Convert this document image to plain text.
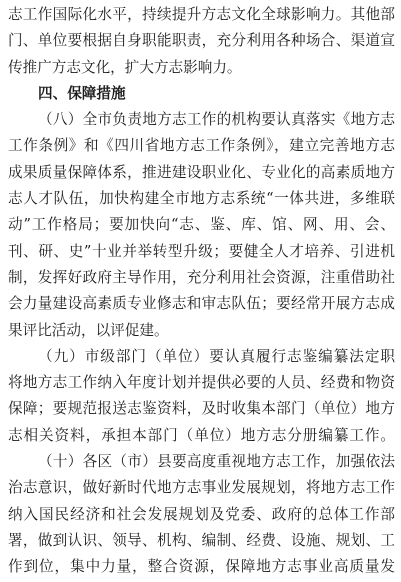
志工作国际化水平，持续提升方志文化全球影响力。其他部
门、单位要根据自身职能职责，充分利用各种场合、渠道宣
传推广方志文化，扩大方志影响力。
四、保障措施
（八）全市负责地方志工作的机构要认真落实《地方志
工作条例》和《四川省地方志工作条例》，建立完善地方志
成果质量保障体系，推进建设职业化、专业化的高素质地方
志人才队伍，加快构建全市地方志系统“一体共进，多维联
动”工作格局；要加快向“志、鉴、库、馆、网、用、会、
刊、研、史”十业并举转型升级；要健全人才培养、引进机
制，发挥好政府主导作用，充分利用社会资源，注重借助社
会力量建设高素质专业修志和审志队伍；要经常开展方志成
果评比活动，以评促建。
（九）市级部门（单位）要认真履行志鉴编纂法定职
将地方志工作纳入年度计划并提供必要的人员、经费和物资
保障；要规范报送志鉴资料，及时收集本部门（单位）地方
志相关资料，承担本部门（单位）地方志分册编纂工作。
（十）各区（市）县要高度重视地方志工作，加强依法
治志意识，做好新时代地方志事业发展规划，将地方志工作
纳入国民经济和社会发展规划及党委、政府的总体工作部
署，做到认识、领导、机构、编制、经费、设施、规划、工
作到位，集中力量，整合资源，保障地方志事业高质量发
